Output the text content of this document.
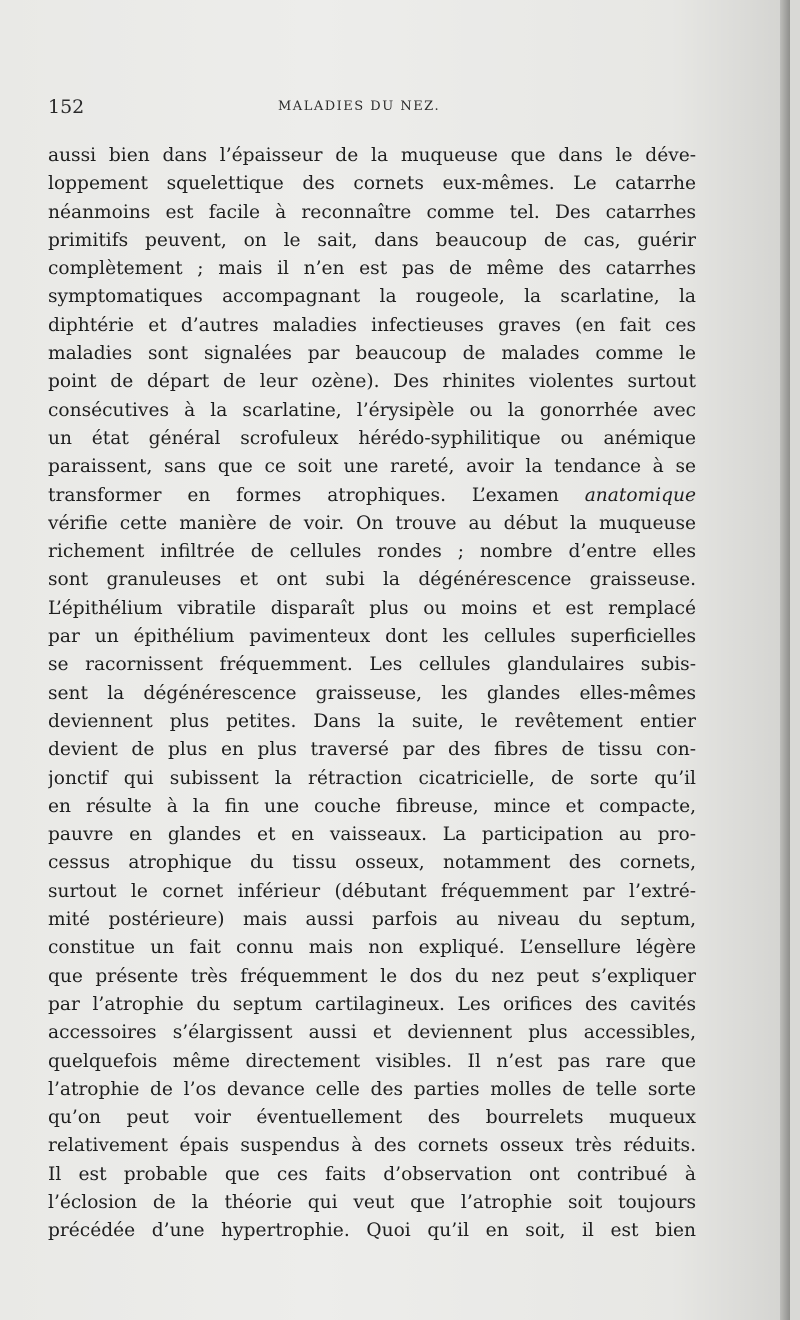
152	MALADIES DU NEZ.
aussi bien dans l’épaisseur de la muqueuse que dans le déve-
loppement squelettique des cornets eux-mêmes. Le catarrhe
néanmoins est facile à reconnaître comme tel. Des catarrhes
primitifs peuvent, on le sait, dans beaucoup de cas, guérir
complètement ; mais il n’en est pas de même des catarrhes
symptomatiques accompagnant la rougeole, la scarlatine, la
diphtérie et d’autres maladies infectieuses graves (en fait ces
maladies sont signalées par beaucoup de malades comme le
point de départ de leur ozène). Des rhinites violentes surtout
consécutives à la scarlatine, l’érysipèle ou la gonorrhée avec
un état général scrofuleux hérédo-syphilitique ou anémique
paraissent, sans que ce soit une rareté, avoir la tendance à se
transformer en formes atrophiques. L’examen anatomique
vérifie cette manière de voir. On trouve au début la muqueuse
richement infiltrée de cellules rondes ; nombre d’entre elles
sont granuleuses et ont subi la dégénérescence graisseuse.
L’épithélium vibratile disparaît plus ou moins et est remplacé
par un épithélium pavimenteux dont les cellules superficielles
se racornissent fréquemment. Les cellules glandulaires subis-
sent la dégénérescence graisseuse, les glandes elles-mêmes
deviennent plus petites. Dans la suite, le revêtement entier
devient de plus en plus traversé par des fibres de tissu con-
jonctif qui subissent la rétraction cicatricielle, de sorte qu’il
en résulte à la fin une couche fibreuse, mince et compacte,
pauvre en glandes et en vaisseaux. La participation au pro-
cessus atrophique du tissu osseux, notamment des cornets,
surtout le cornet inférieur (débutant fréquemment par l’extré-
mité postérieure) mais aussi parfois au niveau du septum,
constitue un fait connu mais non expliqué. L’ensellure légère
que présente très fréquemment le dos du nez peut s’expliquer
par l’atrophie du septum cartilagineux. Les orifices des cavités
accessoires s’élargissent aussi et deviennent plus accessibles,
quelquefois même directement visibles. Il n’est pas rare que
l’atrophie de l’os devance celle des parties molles de telle sorte
qu’on peut voir éventuellement des bourrelets muqueux
relativement épais suspendus à des cornets osseux très réduits.
Il est probable que ces faits d’observation ont contribué à
l’éclosion de la théorie qui veut que l’atrophie soit toujours
précédée d’une hypertrophie. Quoi qu’il en soit, il est bien
